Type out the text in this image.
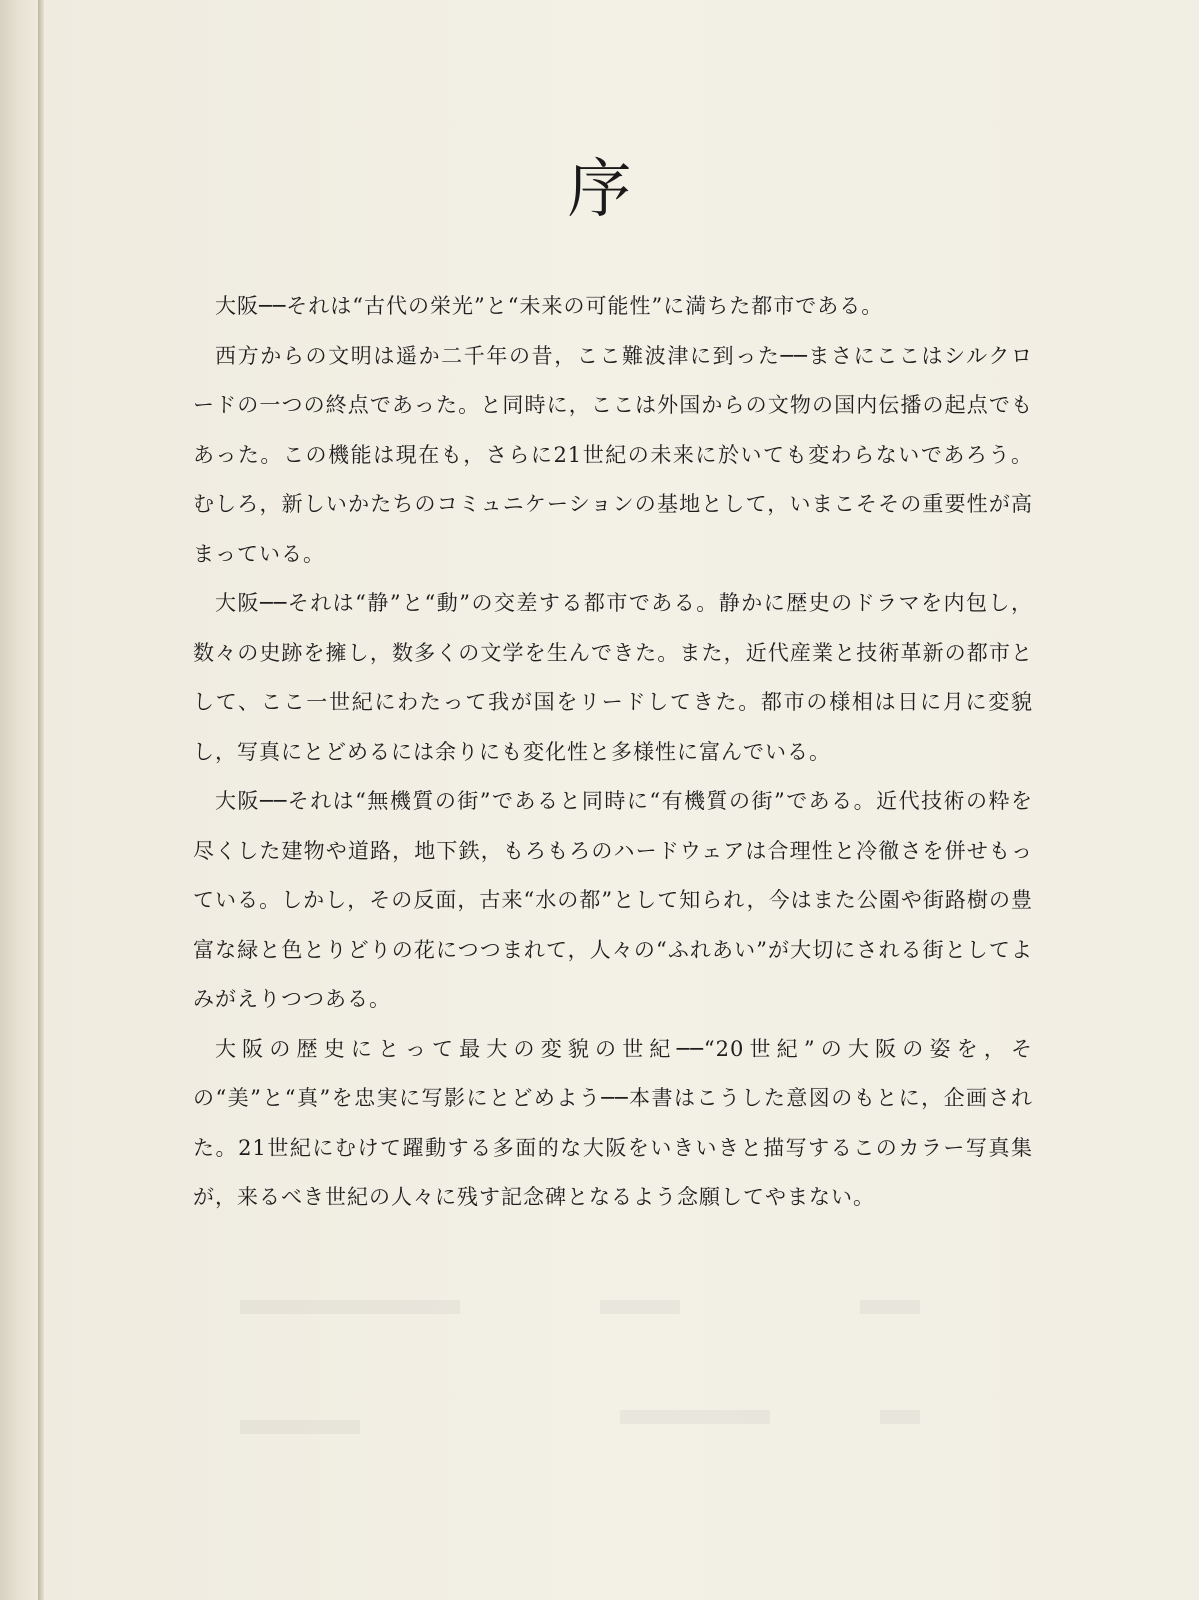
序

大阪──それは“古代の栄光”と“未来の可能性”に満ちた都市である。

西方からの文明は遥か二千年の昔，ここ難波津に到った──まさにここはシルクロードの一つの終点であった。と同時に，ここは外国からの文物の国内伝播の起点でもあった。この機能は現在も，さらに21世紀の未来に於いても変わらないであろう。むしろ，新しいかたちのコミュニケーションの基地として，いまこそその重要性が高まっている。

大阪──それは“静”と“動”の交差する都市である。静かに歴史のドラマを内包し，数々の史跡を擁し，数多くの文学を生んできた。また，近代産業と技術革新の都市として、ここ一世紀にわたって我が国をリードしてきた。都市の様相は日に月に変貌し，写真にとどめるには余りにも変化性と多様性に富んでいる。

大阪──それは“無機質の街”であると同時に“有機質の街”である。近代技術の粋を尽くした建物や道路，地下鉄，もろもろのハードウェアは合理性と冷徹さを併せもっている。しかし，その反面，古来“水の都”として知られ，今はまた公園や街路樹の豊富な緑と色とりどりの花につつまれて，人々の“ふれあい”が大切にされる街としてよみがえりつつある。

大阪の歴史にとって最大の変貌の世紀──“20世紀”の大阪の姿を，その“美”と“真”を忠実に写影にとどめよう──本書はこうした意図のもとに，企画された。21世紀にむけて躍動する多面的な大阪をいきいきと描写するこのカラー写真集が，来るべき世紀の人々に残す記念碑となるよう念願してやまない。
